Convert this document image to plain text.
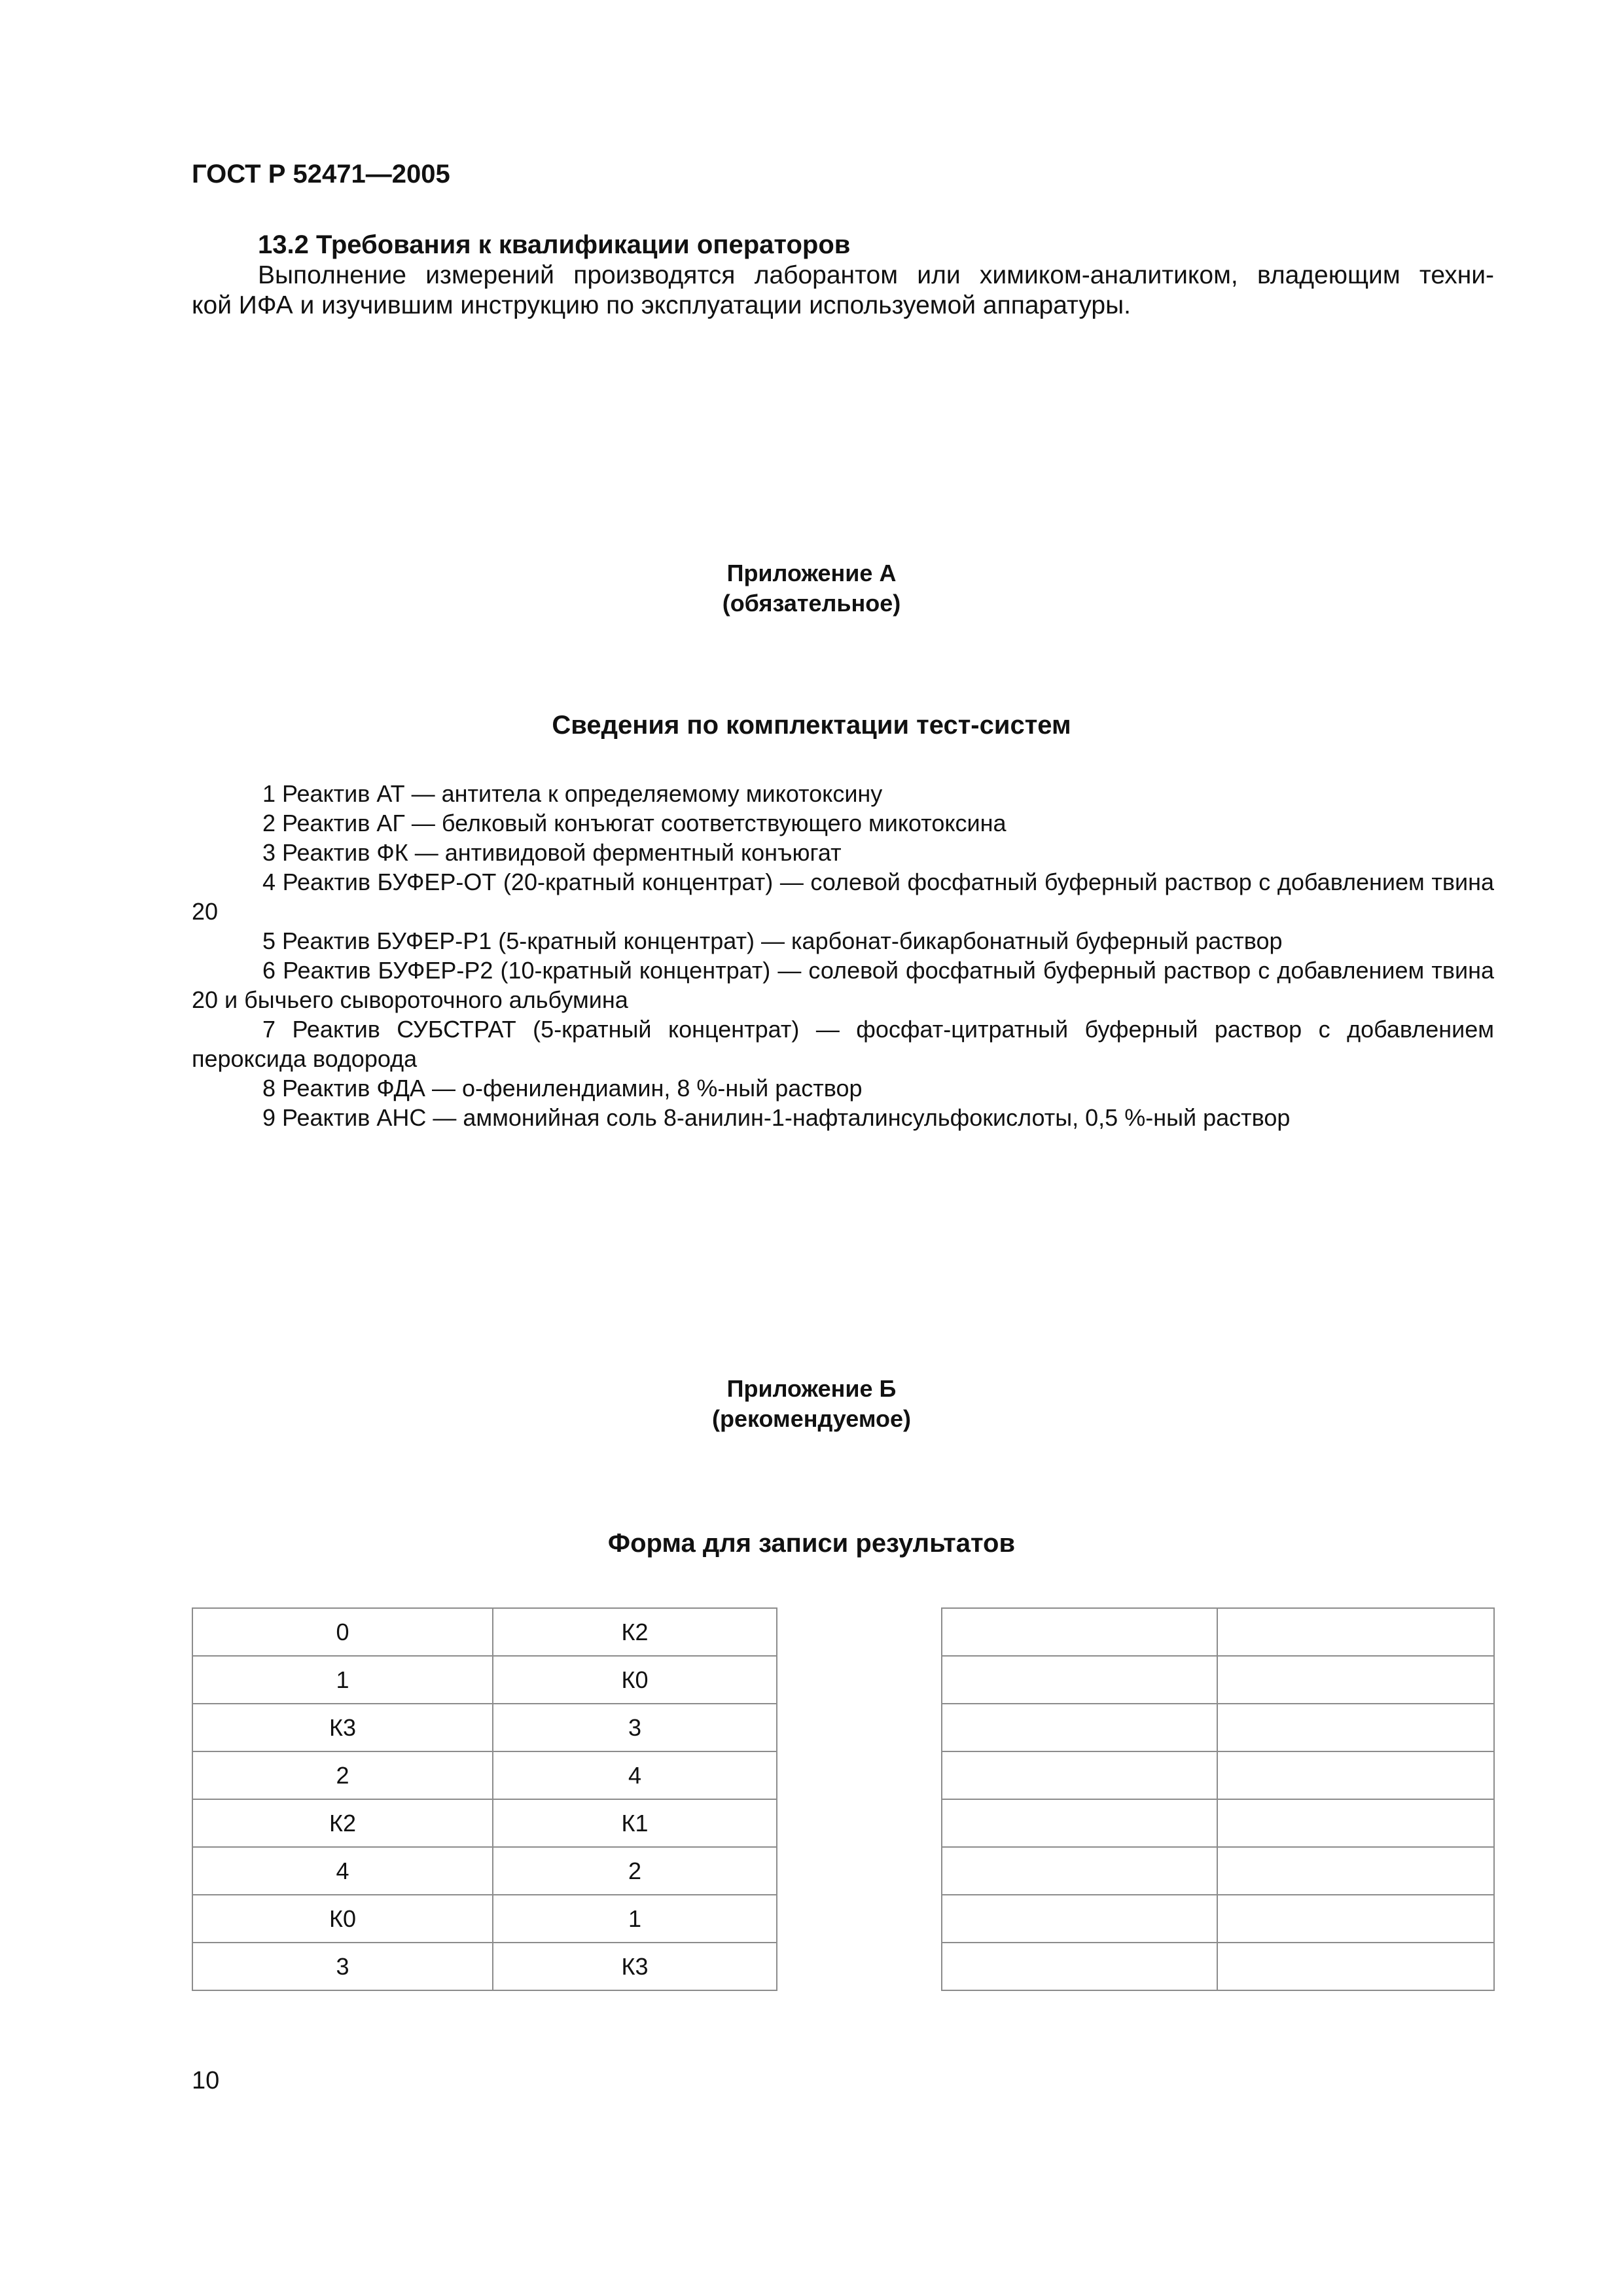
ГОСТ Р 52471—2005
13.2 Требования к квалификации операторов
Выполнение измерений производятся лаборантом или химиком-аналитиком, владеющим техни-
кой ИФА и изучившим инструкцию по эксплуатации используемой аппаратуры.
Приложение А
(обязательное)
Сведения по комплектации тест-систем
1 Реактив АТ — антитела к определяемому микотоксину
2 Реактив АГ — белковый конъюгат соответствующего микотоксина
3 Реактив ФК — антивидовой ферментный конъюгат
4 Реактив БУФЕР-ОТ (20-кратный концентрат) — солевой фосфатный буферный раствор с добавлением твина 20
5 Реактив БУФЕР-Р1 (5-кратный концентрат) — карбонат-бикарбонатный буферный раствор
6 Реактив БУФЕР-Р2 (10-кратный концентрат) — солевой фосфатный буферный раствор с добавлением твина 20 и бычьего сывороточного альбумина
7 Реактив СУБСТРАТ (5-кратный концентрат) — фосфат-цитратный буферный раствор с добавлением пероксида водорода
8 Реактив ФДА — о-фенилендиамин, 8 %-ный раствор
9 Реактив АНС — аммонийная соль 8-анилин-1-нафталинсульфокислоты, 0,5 %-ный раствор
Приложение Б
(рекомендуемое)
Форма для записи результатов
0	К2
1	К0
К3	3
2	4
К2	К1
4	2
К0	1
3	К3

10
